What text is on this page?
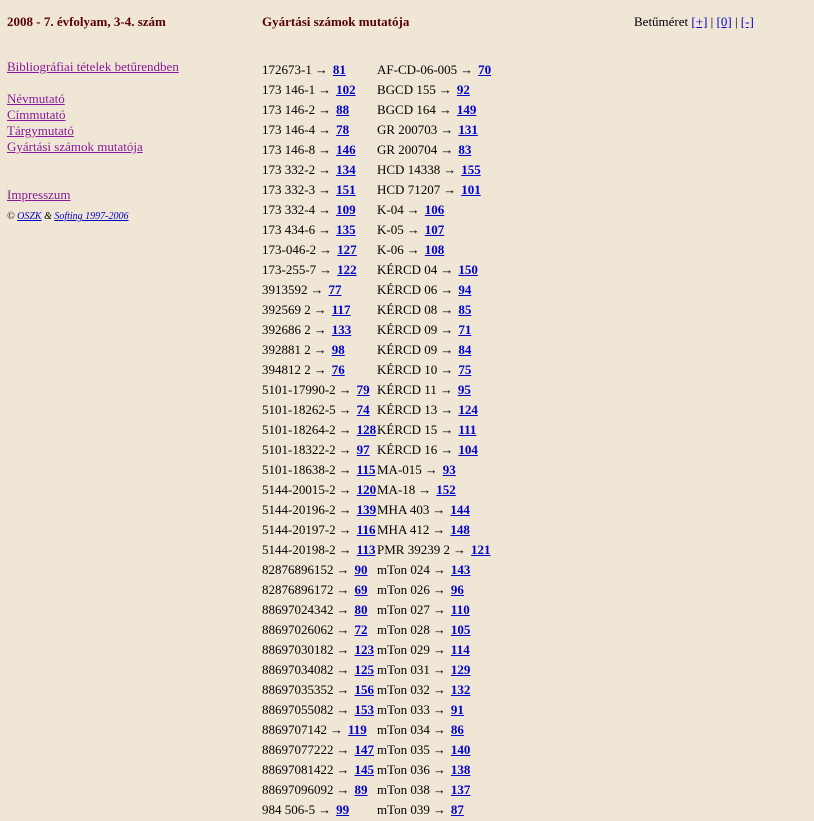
2008 - 7. évfolyam, 3-4. szám	Gyártási számok mutatója	Betűméret [+] | [0] | [-]
Bibliográfiai tételek betűrendben
Névmutató
Címmutató
Tárgymutató
Gyártási számok mutatója
Impresszum
© OSZK & Softing 1997-2006
172673-1 → 81
173 146-1 → 102
173 146-2 → 88
173 146-4 → 78
173 146-8 → 146
173 332-2 → 134
173 332-3 → 151
173 332-4 → 109
173 434-6 → 135
173-046-2 → 127
173-255-7 → 122
3913592 → 77
392569 2 → 117
392686 2 → 133
392881 2 → 98
394812 2 → 76
5101-17990-2 → 79
5101-18262-5 → 74
5101-18264-2 → 128
5101-18322-2 → 97
5101-18638-2 → 115
5144-20015-2 → 120
5144-20196-2 → 139
5144-20197-2 → 116
5144-20198-2 → 113
82876896152 → 90
82876896172 → 69
88697024342 → 80
88697026062 → 72
88697030182 → 123
88697034082 → 125
88697035352 → 156
88697055082 → 153
8869707142 → 119
88697077222 → 147
88697081422 → 145
88697096092 → 89
984 506-5 → 99
AF-CD-06-005 → 70
BGCD 155 → 92
BGCD 164 → 149
GR 200703 → 131
GR 200704 → 83
HCD 14338 → 155
HCD 71207 → 101
K-04 → 106
K-05 → 107
K-06 → 108
KÉRCD 04 → 150
KÉRCD 06 → 94
KÉRCD 08 → 85
KÉRCD 09 → 71
KÉRCD 09 → 84
KÉRCD 10 → 75
KÉRCD 11 → 95
KÉRCD 13 → 124
KÉRCD 15 → 111
KÉRCD 16 → 104
MA-015 → 93
MA-18 → 152
MHA 403 → 144
MHA 412 → 148
PMR 39239 2 → 121
mTon 024 → 143
mTon 026 → 96
mTon 027 → 110
mTon 028 → 105
mTon 029 → 114
mTon 031 → 129
mTon 032 → 132
mTon 033 → 91
mTon 034 → 86
mTon 035 → 140
mTon 036 → 138
mTon 038 → 137
mTon 039 → 87
